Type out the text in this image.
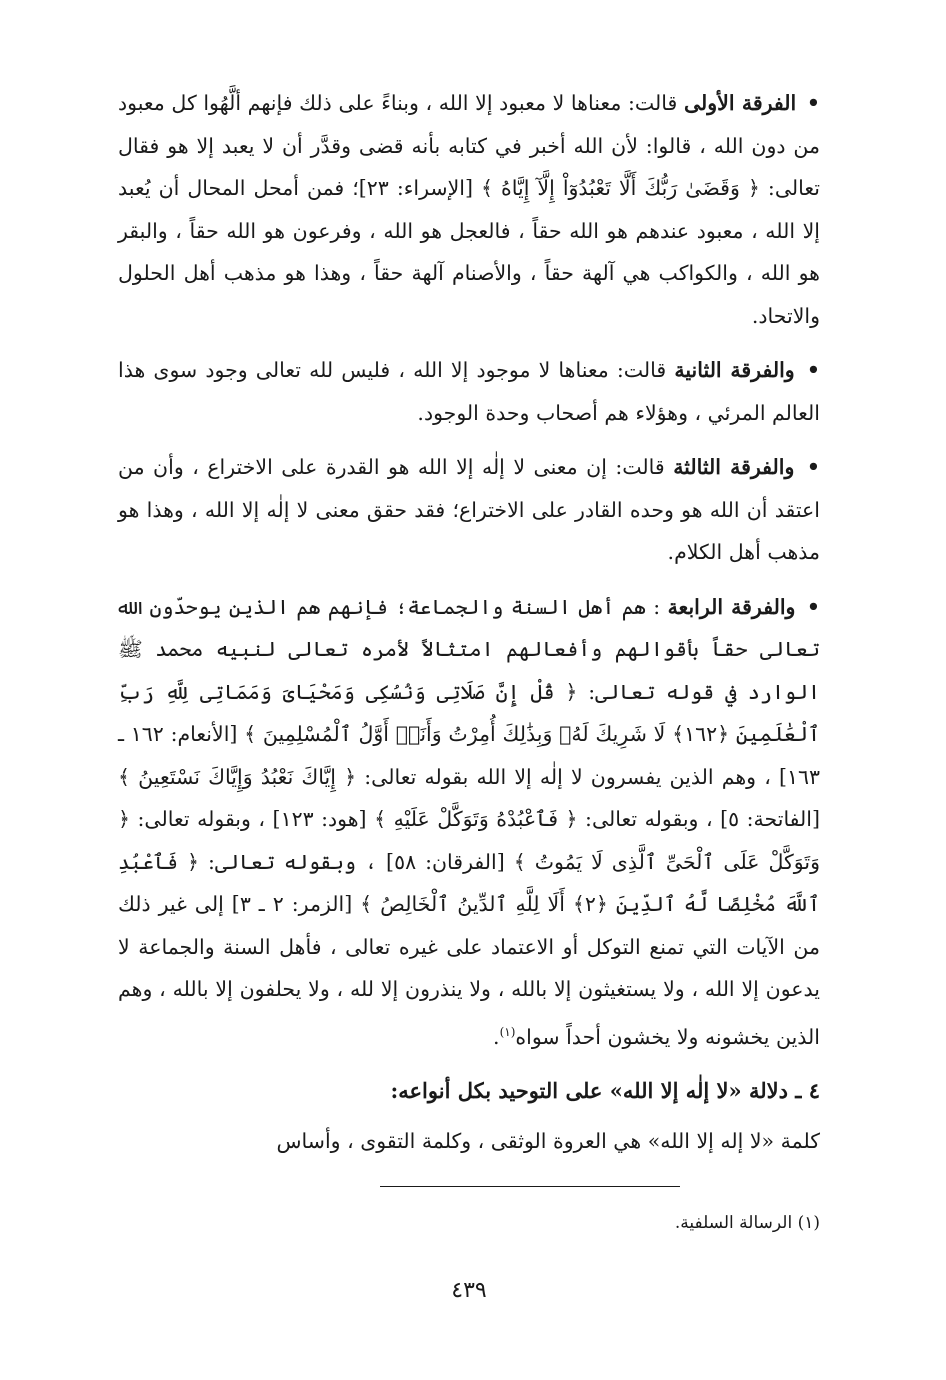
• الفرقة الأولى قالت: معناها لا معبود إلا الله ، وبناءً على ذلك فإنهم ألَّهُوا كل معبود من دون الله ، قالوا: لأن الله أخبر في كتابه بأنه قضى وقدَّر أن لا يعبد إلا هو فقال تعالى: ﴿ وَقَضَىٰ رَبُّكَ أَلَّا تَعْبُدُوٓاْ إِلَّآ إِيَّاهُ ﴾ [الإسراء: ٢٣]؛ فمن أمحل المحال أن يُعبد إلا الله ، معبود عندهم هو الله حقاً ، فالعجل هو الله ، وفرعون هو الله حقاً ، والبقر هو الله ، والكواكب هي آلهة حقاً ، والأصنام آلهة حقاً ، وهذا هو مذهب أهل الحلول والاتحاد.

• والفرقة الثانية قالت: معناها لا موجود إلا الله ، فليس لله تعالى وجود سوى هذا العالم المرئي ، وهؤلاء هم أصحاب وحدة الوجود.

• والفرقة الثالثة قالت: إن معنى لا إلٰه إلا الله هو القدرة على الاختراع ، وأن من اعتقد أن الله هو وحده القادر على الاختراع؛ فقد حقق معنى لا إلٰه إلا الله ، وهذا هو مذهب أهل الكلام.

• والفرقة الرابعة : هم أهل السنة والجماعة؛ فإنهم هم الذين يوحدّون الله تعالى حقاً بأقوالهم وأفعالهم امتثالاً لأمره تعالى لنبيه محمد ﷺ الوارد في قوله تعالى: ﴿ قُلْ إِنَّ صَلَاتِى وَنُسُكِى وَمَحْيَاىَ وَمَمَاتِى لِلَّهِ رَبِّ ٱلْعَٰلَمِينَ ﴿١٦٢﴾ لَا شَرِيكَ لَهُۥ وَبِذَٰلِكَ أُمِرْتُ وَأَنَا۠ أَوَّلُ ٱلْمُسْلِمِينَ ﴾ [الأنعام: ١٦٢ ـ ١٦٣] ، وهم الذين يفسرون لا إلٰه إلا الله بقوله تعالى: ﴿ إِيَّاكَ نَعْبُدُ وَإِيَّاكَ نَسْتَعِينُ ﴾ [الفاتحة: ٥] ، وبقوله تعالى: ﴿ فَٱعْبُدْهُ وَتَوَكَّلْ عَلَيْهِ ﴾ [هود: ١٢٣] ، وبقوله تعالى: ﴿ وَتَوَكَّلْ عَلَى ٱلْحَىِّ ٱلَّذِى لَا يَمُوتُ ﴾ [الفرقان: ٥٨] ، وبقوله تعالى: ﴿ فَٱعْبُدِ ٱللَّهَ مُخْلِصًا لَّهُ ٱلدِّينَ ﴿٢﴾ أَلَا لِلَّهِ ٱلدِّينُ ٱلْخَالِصُ ﴾ [الزمر: ٢ ـ ٣] إلى غير ذلك من الآيات التي تمنع التوكل أو الاعتماد على غيره تعالى ، فأهل السنة والجماعة لا يدعون إلا الله ، ولا يستغيثون إلا بالله ، ولا ينذرون إلا لله ، ولا يحلفون إلا بالله ، وهم الذين يخشونه ولا يخشون أحداً سواه$^{(١)}$.

٤ ـ دلالة «لا إلٰه إلا الله» على التوحيد بكل أنواعه:

كلمة «لا إله إلا الله» هي العروة الوثقى ، وكلمة التقوى ، وأساس

(١) الرسالة السلفية.
٤٣٩
